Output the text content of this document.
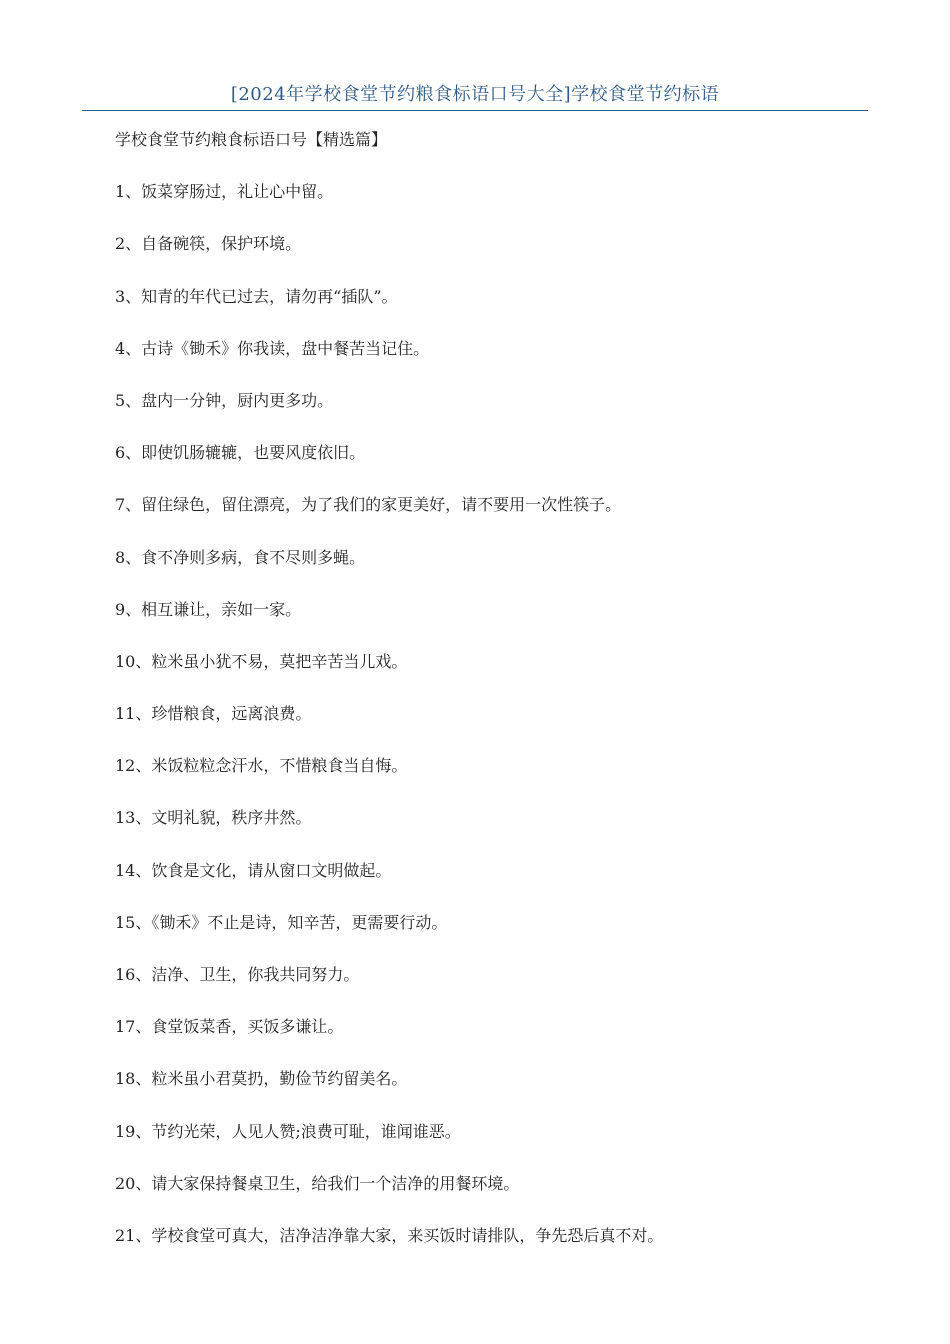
[2024年学校食堂节约粮食标语口号大全]学校食堂节约标语
学校食堂节约粮食标语口号【精选篇】
1、饭菜穿肠过，礼让心中留。
2、自备碗筷，保护环境。
3、知青的年代已过去，请勿再“插队”。
4、古诗《锄禾》你我读，盘中餐苦当记住。
5、盘内一分钟，厨内更多功。
6、即使饥肠辘辘，也要风度依旧。
7、留住绿色，留住漂亮，为了我们的家更美好，请不要用一次性筷子。
8、食不净则多病，食不尽则多蝇。
9、相互谦让，亲如一家。
10、粒米虽小犹不易，莫把辛苦当儿戏。
11、珍惜粮食，远离浪费。
12、米饭粒粒念汗水，不惜粮食当自悔。
13、文明礼貌，秩序井然。
14、饮食是文化，请从窗口文明做起。
15、《锄禾》不止是诗，知辛苦，更需要行动。
16、洁净、卫生，你我共同努力。
17、食堂饭菜香，买饭多谦让。
18、粒米虽小君莫扔，勤俭节约留美名。
19、节约光荣，人见人赞;浪费可耻，谁闻谁恶。
20、请大家保持餐桌卫生，给我们一个洁净的用餐环境。
21、学校食堂可真大，洁净洁净靠大家，来买饭时请排队，争先恐后真不对。
